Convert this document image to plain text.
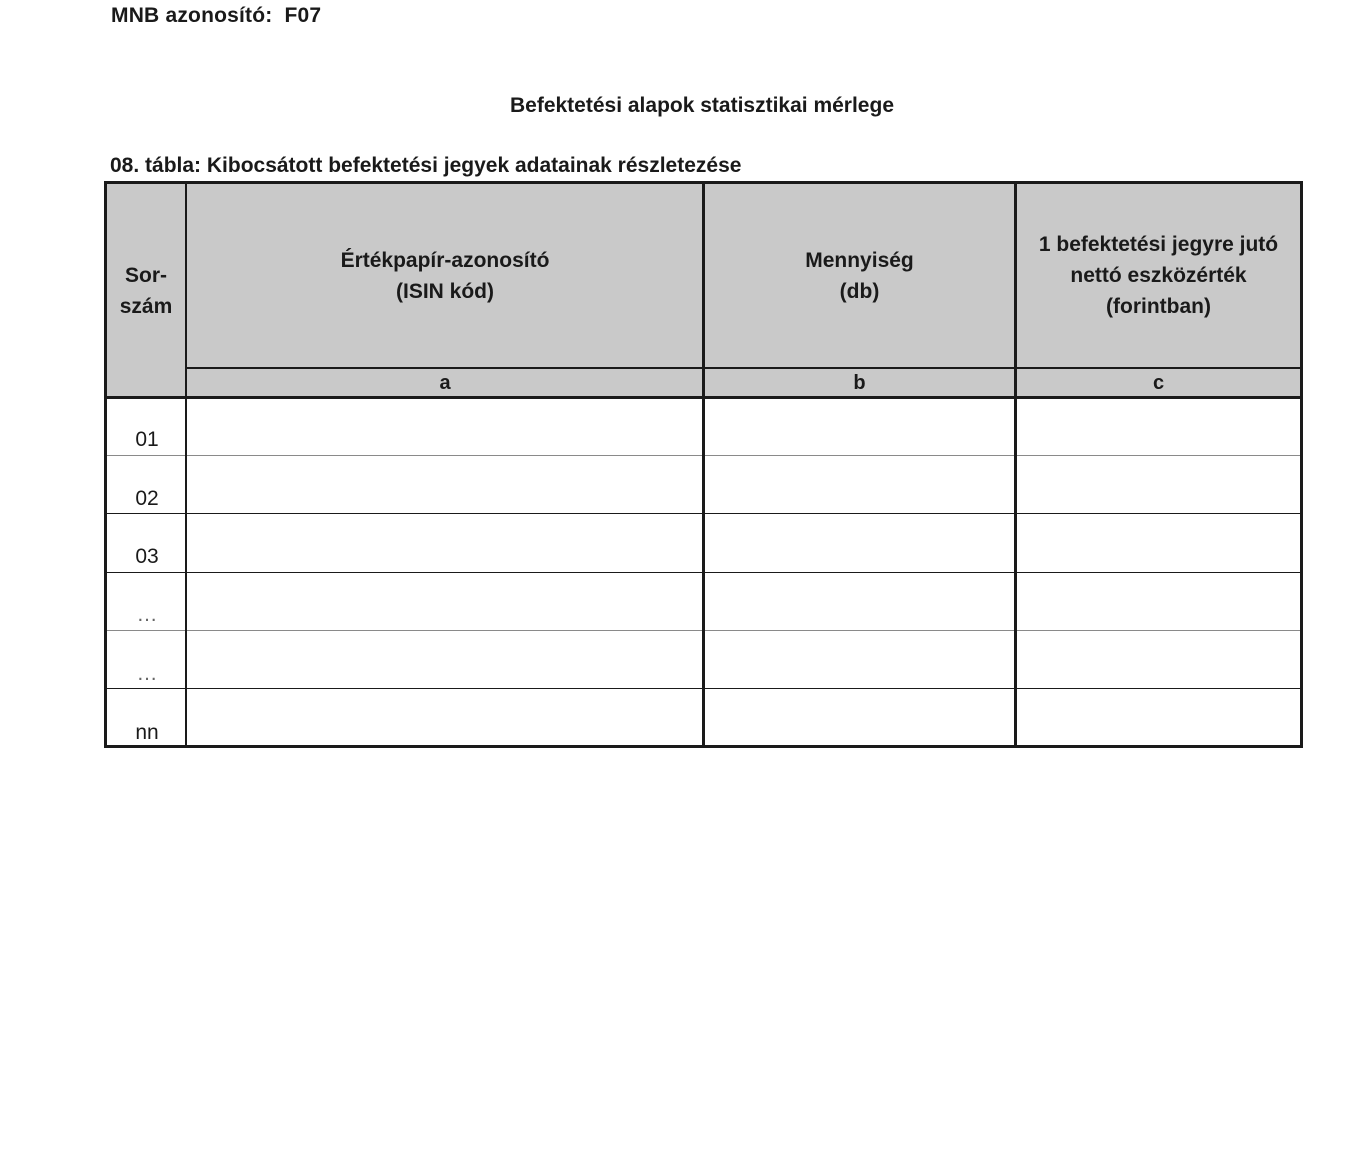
MNB azonosító:  F07
Befektetési alapok statisztikai mérlege
08. tábla: Kibocsátott befektetési jegyek adatainak részletezése
Sor-
szám
Értékpapír-azonosító
(ISIN kód)
Mennyiség
(db)
1 befektetési jegyre jutó
nettó eszközérték
(forintban)
a	b	c
01
02
03
…
…
nn
